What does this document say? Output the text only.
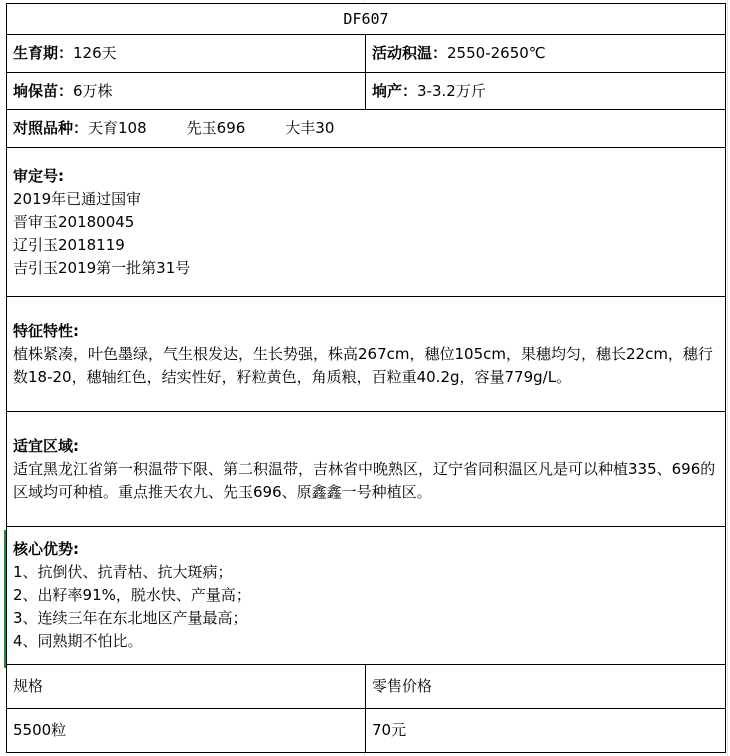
DF607	
生育期：126天	活动积温：2550-2650℃
垧保苗：6万株	垧产：3-3.2万斤
对照品种：天育108 先玉696 大丰30	

审定号:
2019年已通过国审
晋审玉20180045
辽引玉2018119
吉引玉2019第一批第31号	

特征特性:
植株紧凑，叶色墨绿，气生根发达，生长势强，株高267cm，穗位105cm，果穗均匀，穗长22cm，穗行数18-20，穗轴红色，结实性好，籽粒黄色，角质粮，百粒重40.2g，容量779g/L。	

适宜区域:
适宜黑龙江省第一积温带下限、第二积温带，吉林省中晚熟区，辽宁省同积温区凡是可以种植335、696的区域均可种植。重点推天农九、先玉696、原鑫鑫一号种植区。	

核心优势:
1、抗倒伏、抗青枯、抗大斑病；
2、出籽率91%，脱水快、产量高；
3、连续三年在东北地区产量最高；
4、同熟期不怕比。	

规格	零售价格
5500粒	70元
